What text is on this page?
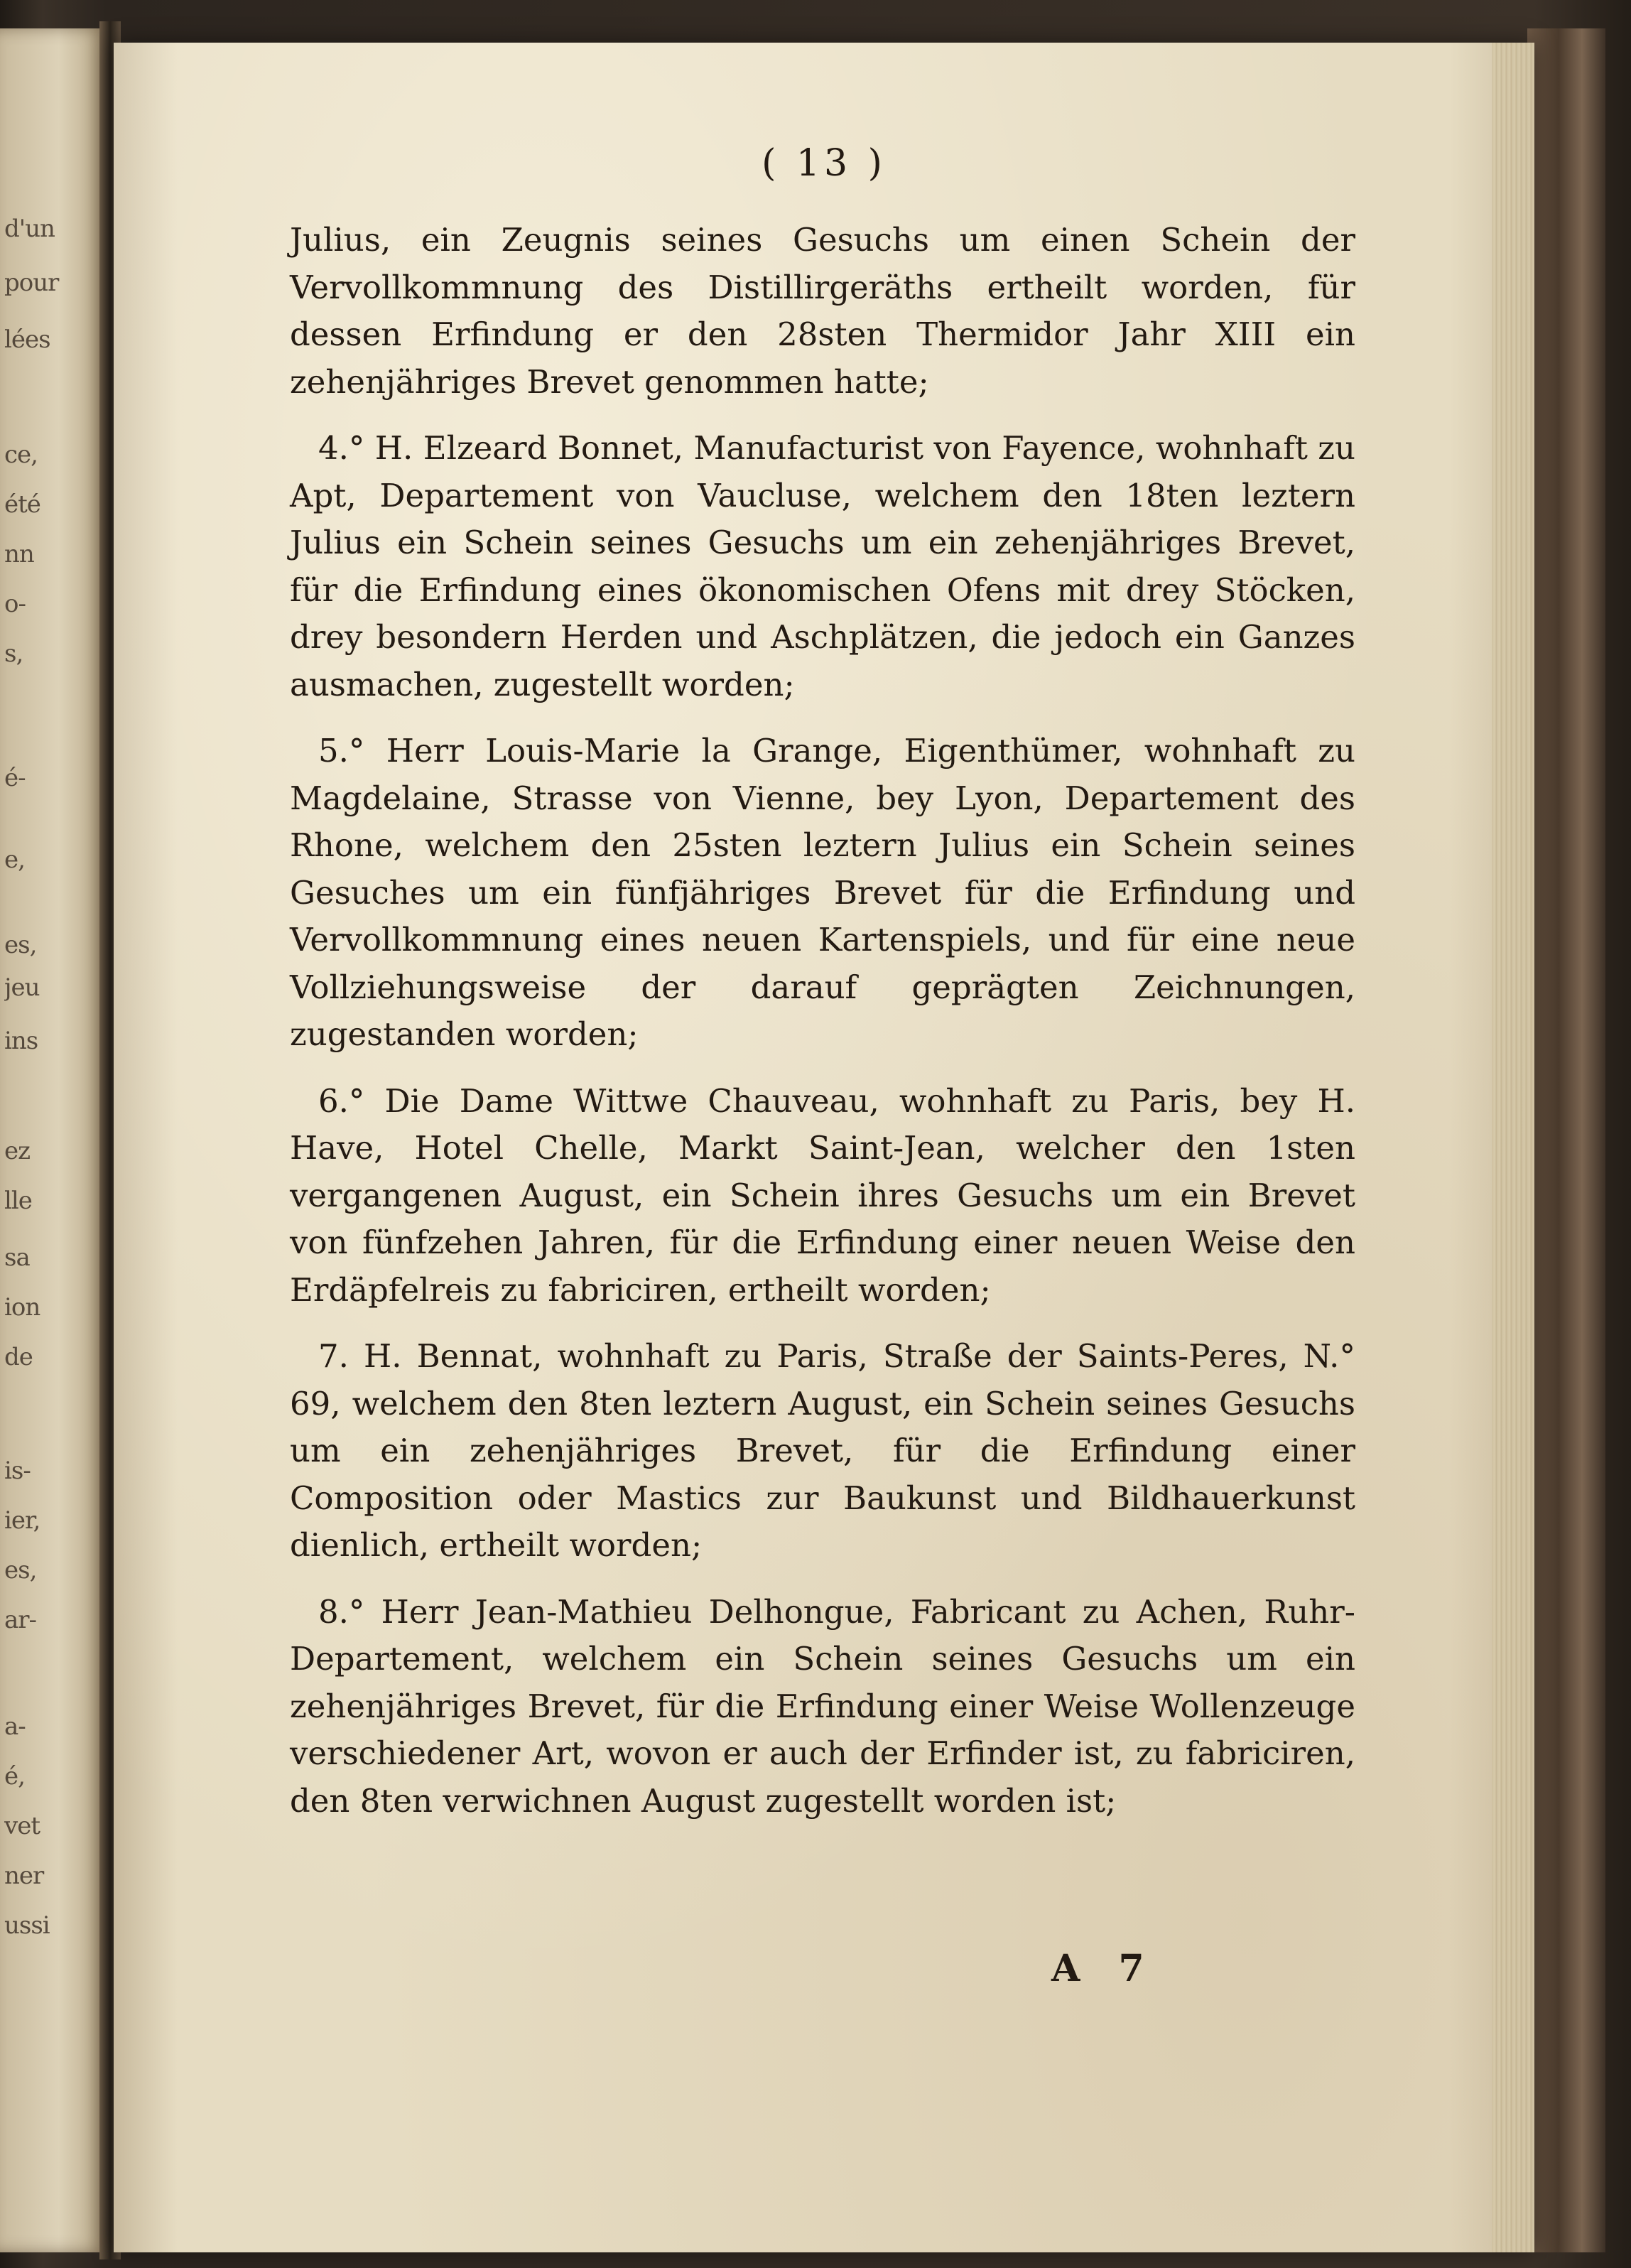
d'un
pour
lées
ce,
été
nn
o-
s,
é-
e,
es,
jeu
ins
ez
lle
sa
ion
de
is-
ier,
es,
ar-
a-
é,
vet
ner
ussi
( 13 )

Julius, ein Zeugnis seines Gesuchs um einen Schein der Vervollkommnung des Distillirgeräths ertheilt worden, für dessen Erfindung er den 28sten Thermidor Jahr XIII ein zehenjähriges Brevet genommen hatte;

4.° H. Elzeard Bonnet, Manufacturist von Fayence, wohnhaft zu Apt, Departement von Vaucluse, welchem den 18ten leztern Julius ein Schein seines Gesuchs um ein zehenjähriges Brevet, für die Erfindung eines ökonomischen Ofens mit drey Stöcken, drey besondern Herden und Aschplätzen, die jedoch ein Ganzes ausmachen, zugestellt worden;

5.° Herr Louis-Marie la Grange, Eigenthümer, wohnhaft zu Magdelaine, Strasse von Vienne, bey Lyon, Departement des Rhone, welchem den 25sten leztern Julius ein Schein seines Gesuches um ein fünfjähriges Brevet für die Erfindung und Vervollkommnung eines neuen Kartenspiels, und für eine neue Vollziehungsweise der darauf geprägten Zeichnungen, zugestanden worden;

6.° Die Dame Wittwe Chauveau, wohnhaft zu Paris, bey H. Have, Hotel Chelle, Markt Saint-Jean, welcher den 1sten vergangenen August, ein Schein ihres Gesuchs um ein Brevet von fünfzehen Jahren, für die Erfindung einer neuen Weise den Erdäpfelreis zu fabriciren, ertheilt worden;

7. H. Bennat, wohnhaft zu Paris, Straße der Saints-Peres, N.° 69, welchem den 8ten leztern August, ein Schein seines Gesuchs um ein zehenjähriges Brevet, für die Erfindung einer Composition oder Mastics zur Baukunst und Bildhauerkunst dienlich, ertheilt worden;

8.° Herr Jean-Mathieu Delhongue, Fabricant zu Achen, Ruhr-Departement, welchem ein Schein seines Gesuchs um ein zehenjähriges Brevet, für die Erfindung einer Weise Wollenzeuge verschiedener Art, wovon er auch der Erfinder ist, zu fabriciren, den 8ten verwichnen August zugestellt worden ist;

A 7
